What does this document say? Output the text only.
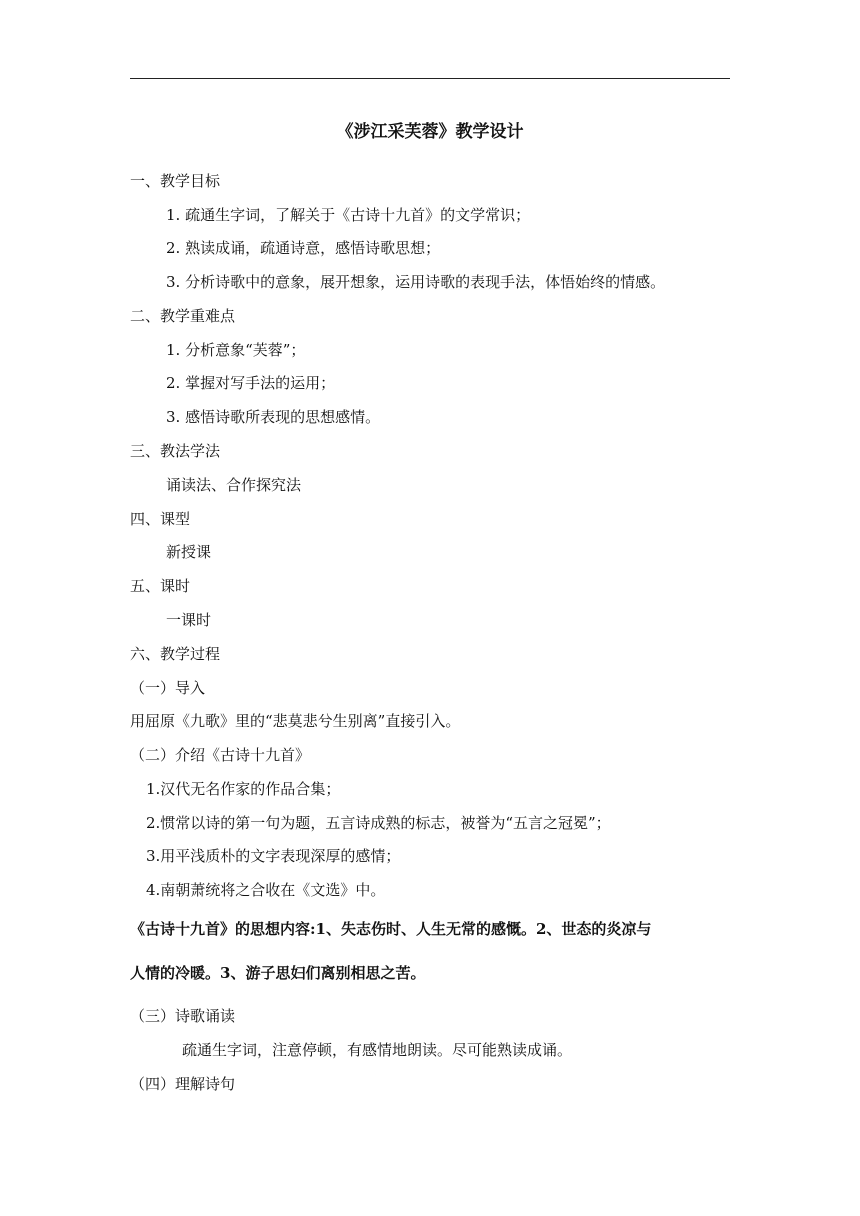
《涉江采芙蓉》教学设计
一、教学目标
1. 疏通生字词，了解关于《古诗十九首》的文学常识；
2. 熟读成诵，疏通诗意，感悟诗歌思想；
3. 分析诗歌中的意象，展开想象，运用诗歌的表现手法，体悟始终的情感。
二、教学重难点
1. 分析意象“芙蓉”；
2. 掌握对写手法的运用；
3. 感悟诗歌所表现的思想感情。
三、教法学法
诵读法、合作探究法
四、课型
新授课
五、课时
一课时
六、教学过程
（一）导入
用屈原《九歌》里的“悲莫悲兮生别离”直接引入。
（二）介绍《古诗十九首》
1.汉代无名作家的作品合集；
2.惯常以诗的第一句为题，五言诗成熟的标志，被誉为“五言之冠冕”；
3.用平浅质朴的文字表现深厚的感情；
4.南朝萧统将之合收在《文选》中。
《古诗十九首》的思想内容:1、失志伤时、人生无常的感慨。2、世态的炎凉与
人情的冷暖。3、游子思妇们离别相思之苦。
（三）诗歌诵读
疏通生字词，注意停顿，有感情地朗读。尽可能熟读成诵。
（四）理解诗句
